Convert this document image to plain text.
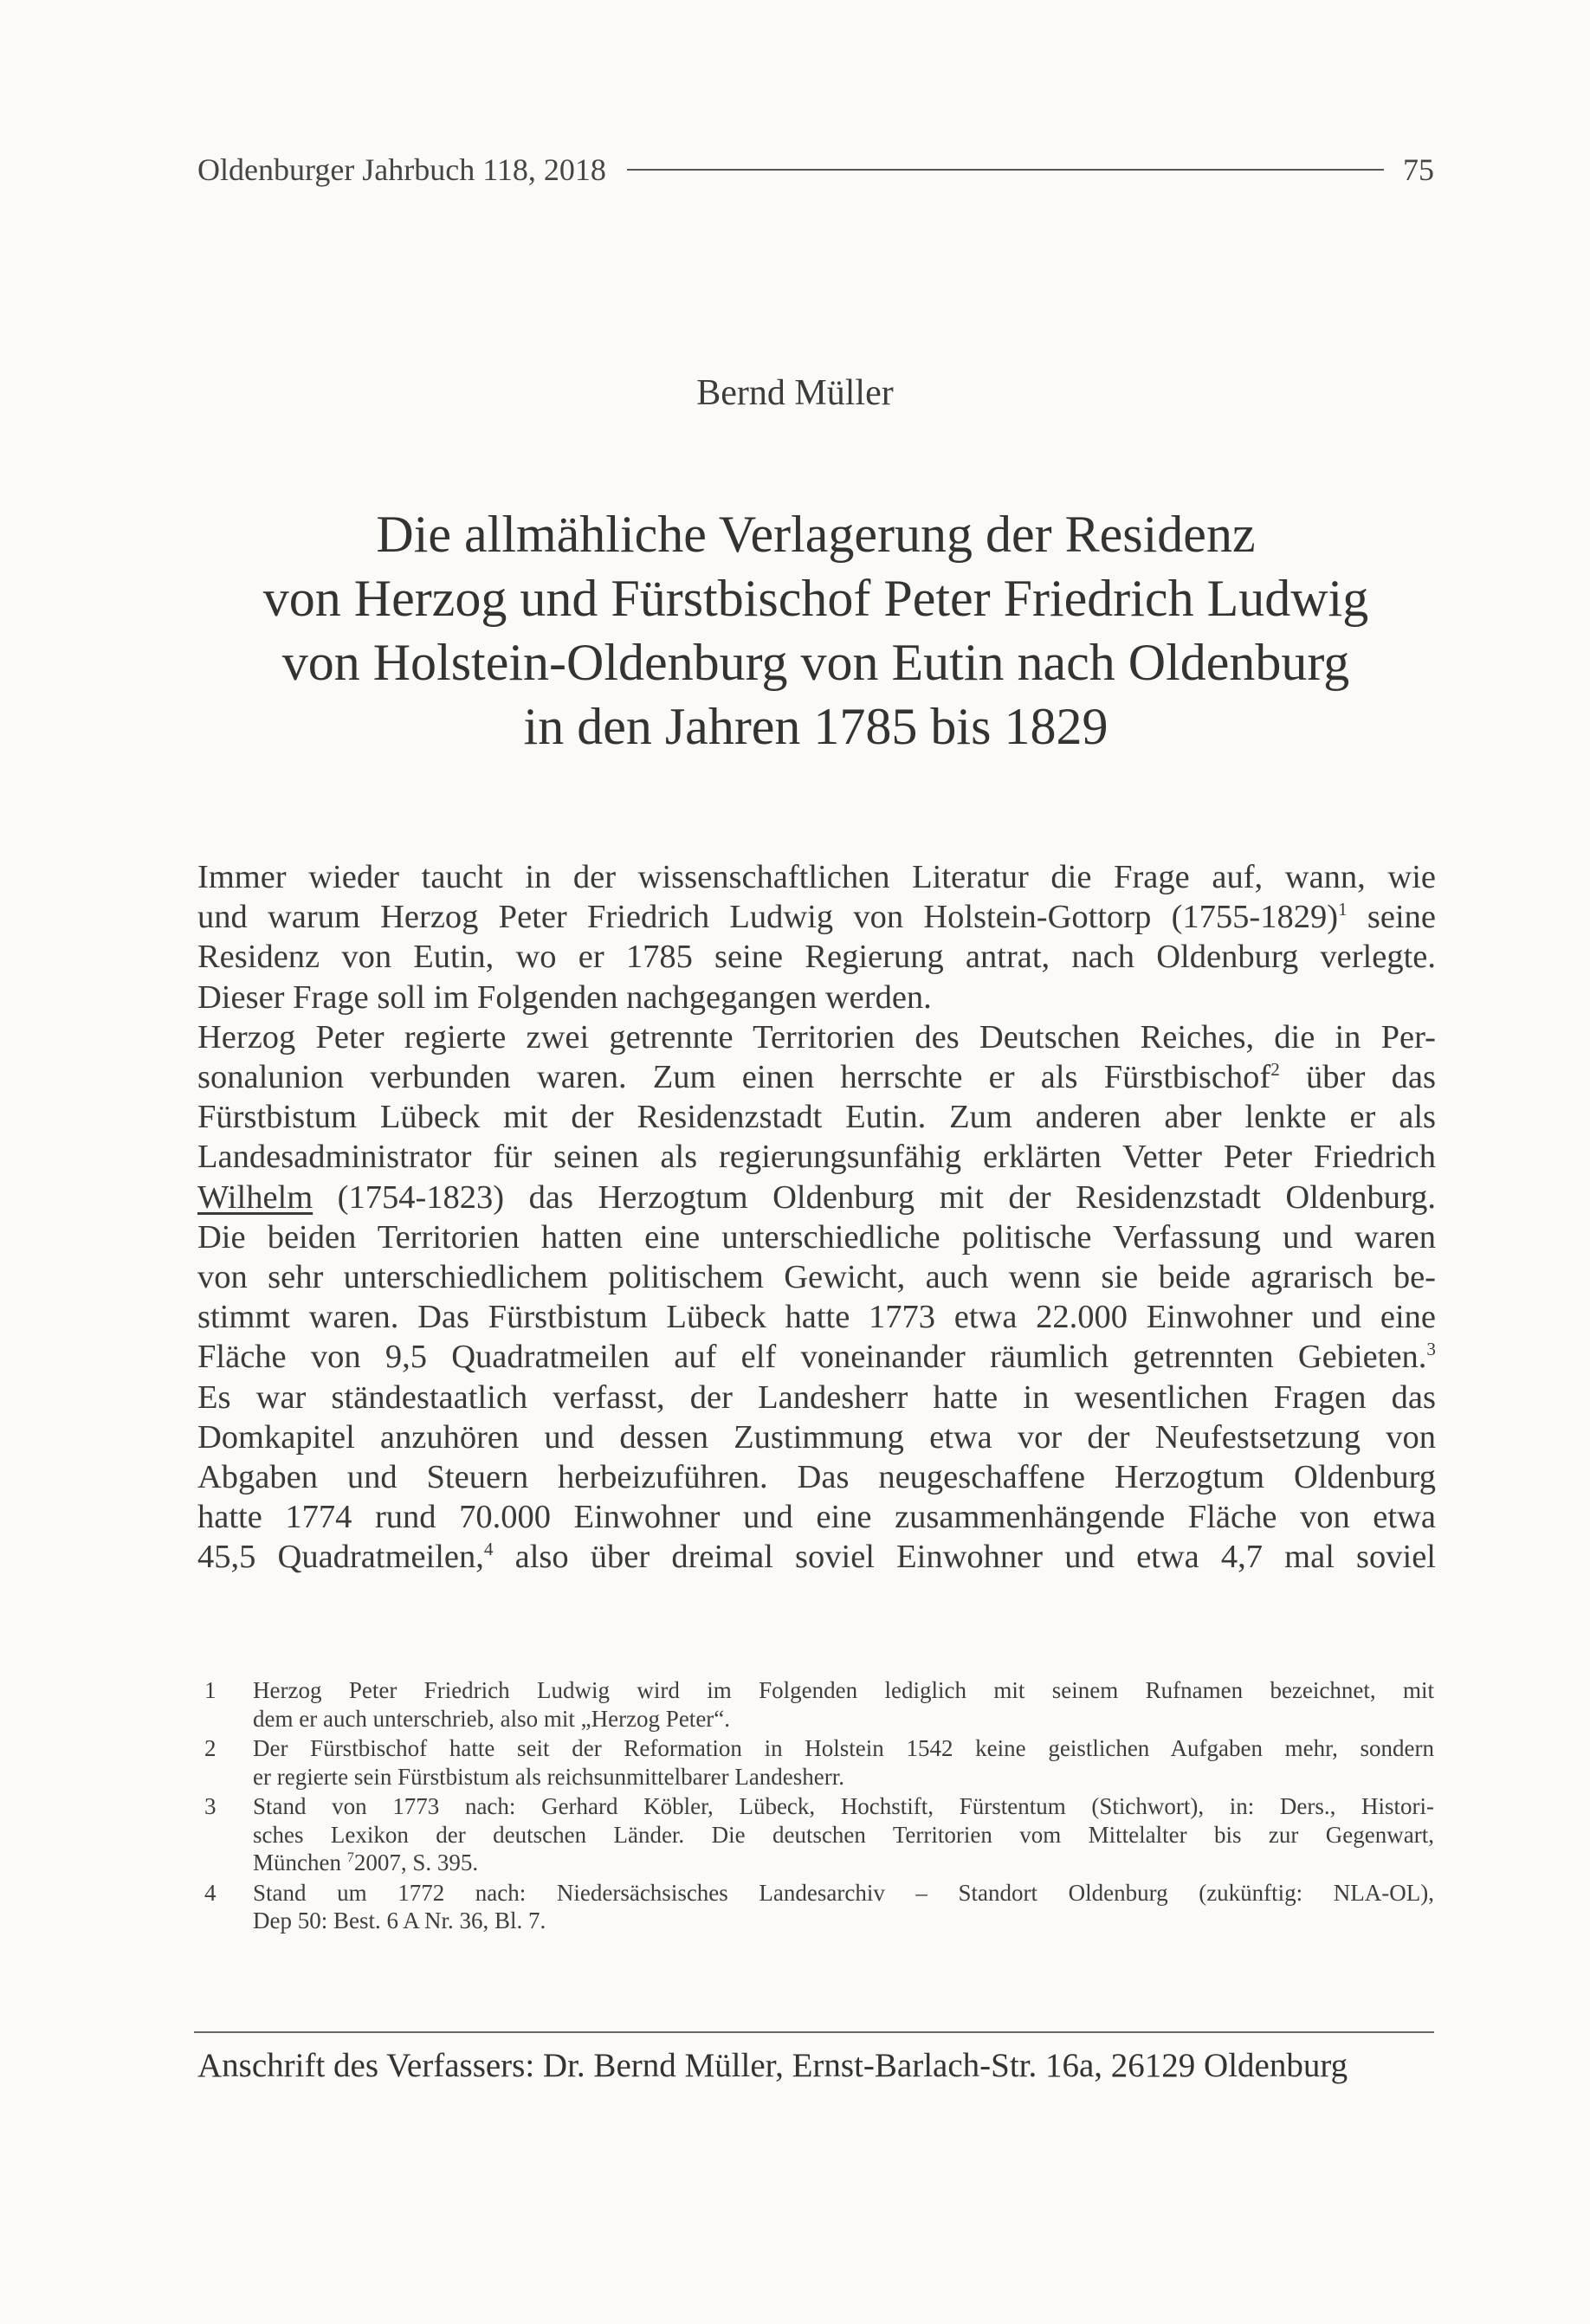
Oldenburger Jahrbuch 118, 2018	75
Bernd Müller
Die allmähliche Verlagerung der Residenz
von Herzog und Fürstbischof Peter Friedrich Ludwig
von Holstein-Oldenburg von Eutin nach Oldenburg
in den Jahren 1785 bis 1829
Immer wieder taucht in der wissenschaftlichen Literatur die Frage auf, wann, wie
und warum Herzog Peter Friedrich Ludwig von Holstein-Gottorp (1755-1829)$^1$ seine
Residenz von Eutin, wo er 1785 seine Regierung antrat, nach Oldenburg verlegte.
Dieser Frage soll im Folgenden nachgegangen werden.
Herzog Peter regierte zwei getrennte Territorien des Deutschen Reiches, die in Per-
sonalunion verbunden waren. Zum einen herrschte er als Fürstbischof$^2$ über das
Fürstbistum Lübeck mit der Residenzstadt Eutin. Zum anderen aber lenkte er als
Landesadministrator für seinen als regierungsunfähig erklärten Vetter Peter Friedrich
Wilhelm (1754-1823) das Herzogtum Oldenburg mit der Residenzstadt Oldenburg.
Die beiden Territorien hatten eine unterschiedliche politische Verfassung und waren
von sehr unterschiedlichem politischem Gewicht, auch wenn sie beide agrarisch be-
stimmt waren. Das Fürstbistum Lübeck hatte 1773 etwa 22.000 Einwohner und eine
Fläche von 9,5 Quadratmeilen auf elf voneinander räumlich getrennten Gebieten.$^3$
Es war ständestaatlich verfasst, der Landesherr hatte in wesentlichen Fragen das
Domkapitel anzuhören und dessen Zustimmung etwa vor der Neufestsetzung von
Abgaben und Steuern herbeizuführen. Das neugeschaffene Herzogtum Oldenburg
hatte 1774 rund 70.000 Einwohner und eine zusammenhängende Fläche von etwa
45,5 Quadratmeilen,$^4$ also über dreimal soviel Einwohner und etwa 4,7 mal soviel
1	Herzog Peter Friedrich Ludwig wird im Folgenden lediglich mit seinem Rufnamen bezeichnet, mit
dem er auch unterschrieb, also mit „Herzog Peter“.
2	Der Fürstbischof hatte seit der Reformation in Holstein 1542 keine geistlichen Aufgaben mehr, sondern
er regierte sein Fürstbistum als reichsunmittelbarer Landesherr.
3	Stand von 1773 nach: Gerhard Köbler, Lübeck, Hochstift, Fürstentum (Stichwort), in: Ders., Histori-
sches Lexikon der deutschen Länder. Die deutschen Territorien vom Mittelalter bis zur Gegenwart,
München $^7$2007, S. 395.
4	Stand um 1772 nach: Niedersächsisches Landesarchiv – Standort Oldenburg (zukünftig: NLA-OL),
Dep 50: Best. 6 A Nr. 36, Bl. 7.
Anschrift des Verfassers: Dr. Bernd Müller, Ernst-Barlach-Str. 16a, 26129 Oldenburg
